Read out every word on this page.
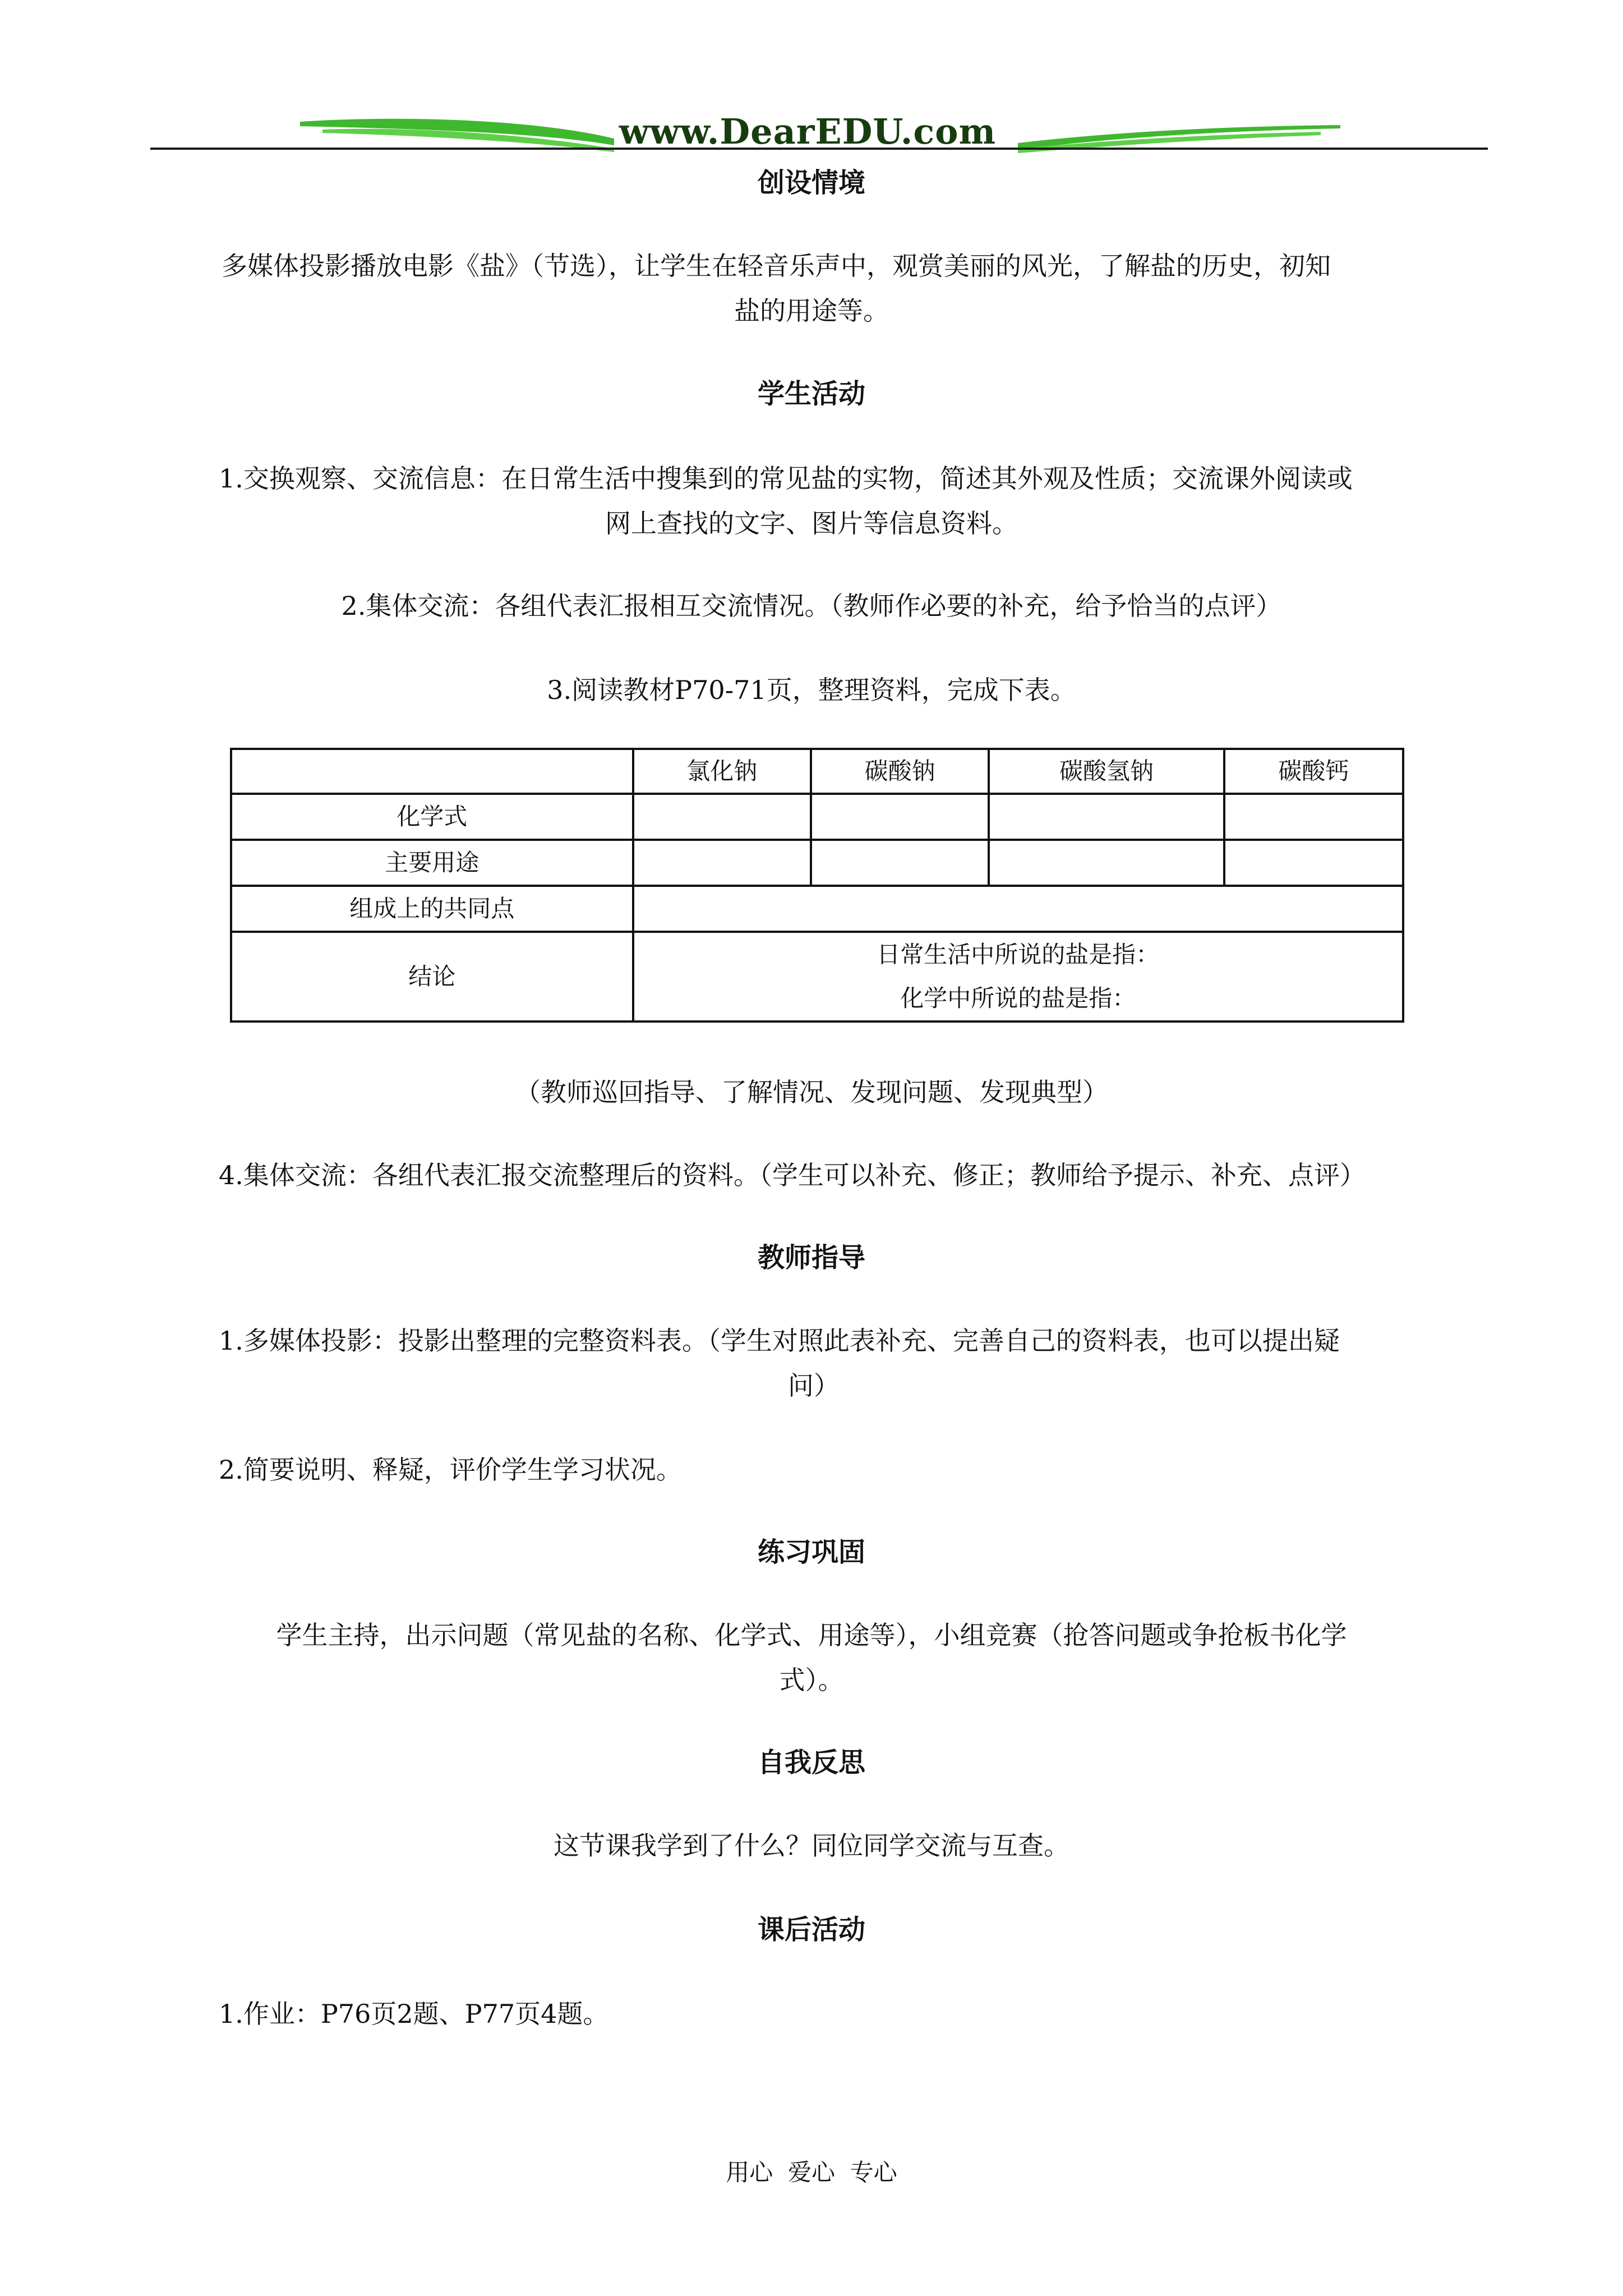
www.DearEDU.com
创设情境
多媒体投影播放电影《盐》（节选），让学生在轻音乐声中，观赏美丽的风光，了解盐的历史，初知
盐的用途等。
学生活动
1.交换观察、交流信息：在日常生活中搜集到的常见盐的实物，简述其外观及性质；交流课外阅读或
网上查找的文字、图片等信息资料。
2.集体交流：各组代表汇报相互交流情况。（教师作必要的补充，给予恰当的点评）
3.阅读教材P70-71页，整理资料，完成下表。
	氯化钠	碳酸钠	碳酸氢钠	碳酸钙
化学式				
主要用途				
组成上的共同点				
结论	日常生活中所说的盐是指：
化学中所说的盐是指：			
（教师巡回指导、了解情况、发现问题、发现典型）
4.集体交流：各组代表汇报交流整理后的资料。（学生可以补充、修正；教师给予提示、补充、点评）
教师指导
1.多媒体投影：投影出整理的完整资料表。（学生对照此表补充、完善自己的资料表，也可以提出疑
问）
2.简要说明、释疑，评价学生学习状况。
练习巩固
学生主持，出示问题（常见盐的名称、化学式、用途等），小组竞赛（抢答问题或争抢板书化学
式）。
自我反思
这节课我学到了什么？同位同学交流与互查。
课后活动
1.作业：P76页2题、P77页4题。
用心  爱心  专心
